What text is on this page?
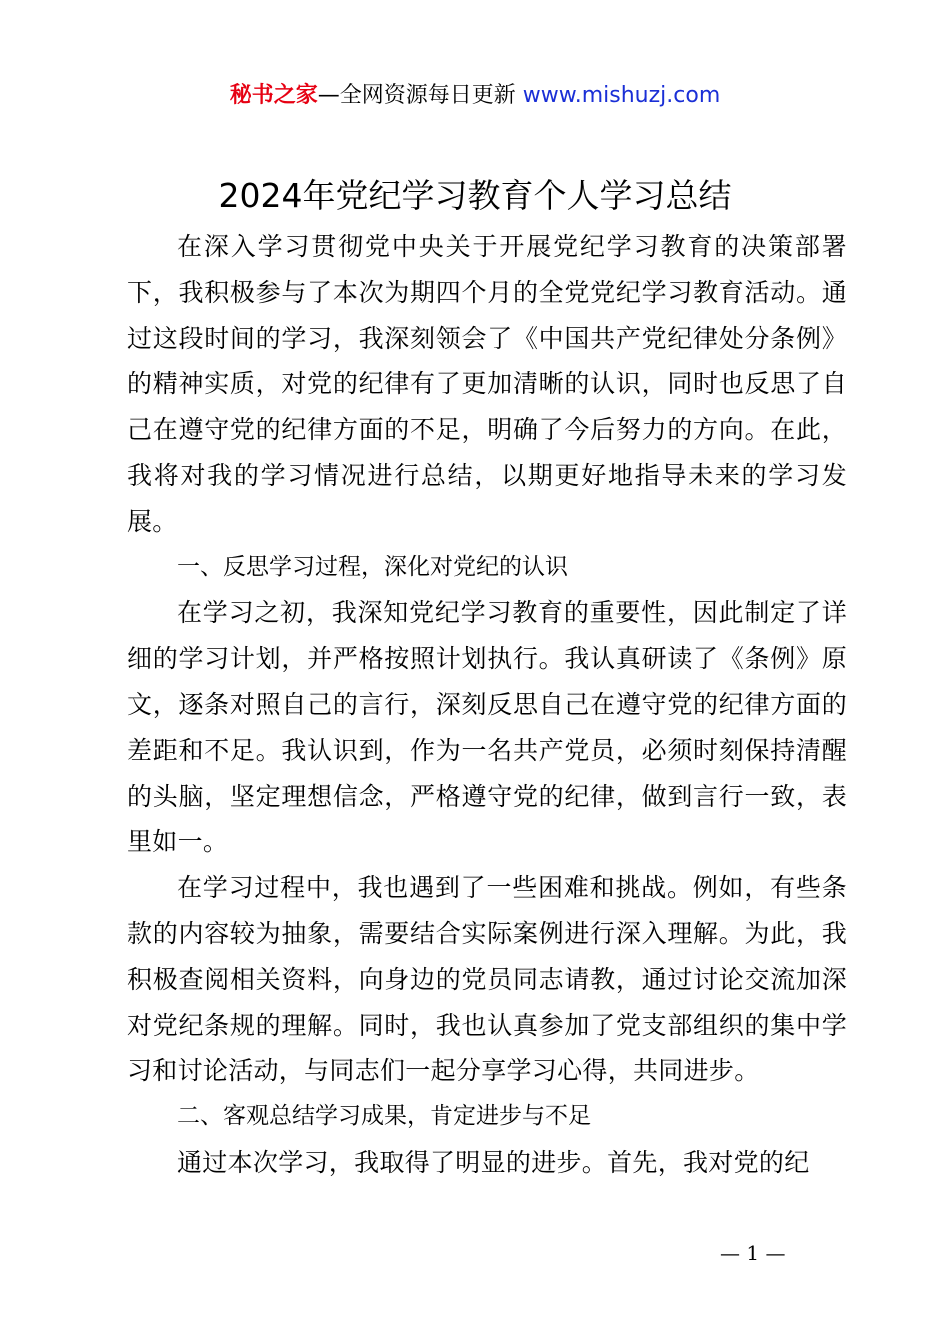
秘书之家—全网资源每日更新 www.mishuzj.com
2024年党纪学习教育个人学习总结

在深入学习贯彻党中央关于开展党纪学习教育的决策部署下，我积极参与了本次为期四个月的全党党纪学习教育活动。通过这段时间的学习，我深刻领会了《中国共产党纪律处分条例》的精神实质，对党的纪律有了更加清晰的认识，同时也反思了自己在遵守党的纪律方面的不足，明确了今后努力的方向。在此，我将对我的学习情况进行总结，以期更好地指导未来的学习发展。

一、反思学习过程，深化对党纪的认识

在学习之初，我深知党纪学习教育的重要性，因此制定了详细的学习计划，并严格按照计划执行。我认真研读了《条例》原文，逐条对照自己的言行，深刻反思自己在遵守党的纪律方面的差距和不足。我认识到，作为一名共产党员，必须时刻保持清醒的头脑，坚定理想信念，严格遵守党的纪律，做到言行一致，表里如一。

在学习过程中，我也遇到了一些困难和挑战。例如，有些条款的内容较为抽象，需要结合实际案例进行深入理解。为此，我积极查阅相关资料，向身边的党员同志请教，通过讨论交流加深对党纪条规的理解。同时，我也认真参加了党支部组织的集中学习和讨论活动，与同志们一起分享学习心得，共同进步。

二、客观总结学习成果，肯定进步与不足

通过本次学习，我取得了明显的进步。首先，我对党的纪

— 1 —
